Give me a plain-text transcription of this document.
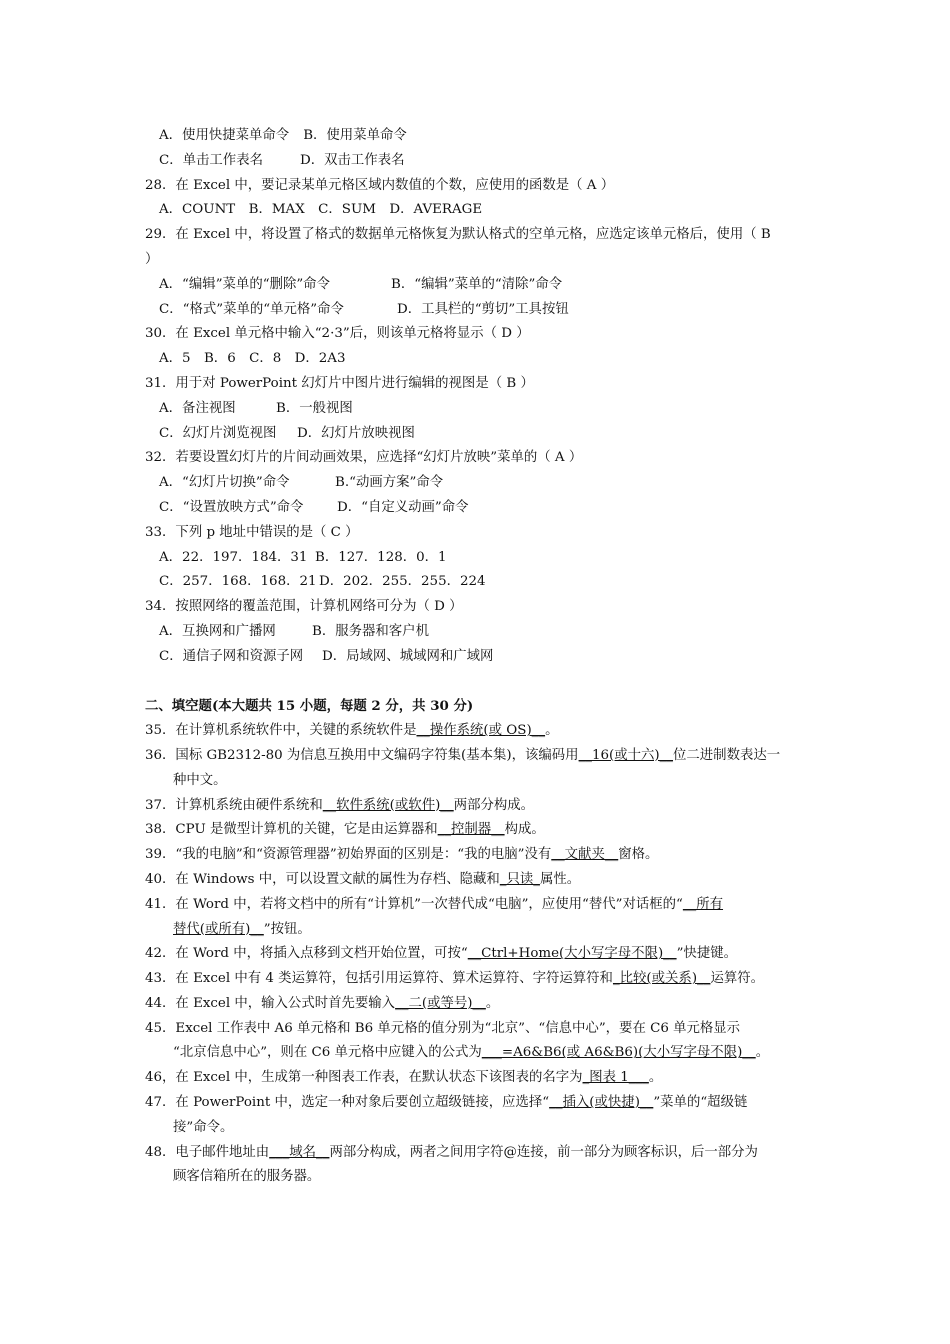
A．使用快捷菜单命令 B．使用菜单命令
C．单击工作表名	D．双击工作表名
28．在 Excel 中，要记录某单元格区域内数值的个数，应使用的函数是（ A ）
A．COUNT　B．MAX　C．SUM　D．AVERAGE
29．在 Excel 中，将设置了格式的数据单元格恢复为默认格式的空单元格，应选定该单元格后，使用（ B
）
A．“编辑”菜单的“删除”命令	B．“编辑”菜单的“清除”命令
C．“格式”菜单的“单元格”命令	D．工具栏的“剪切”工具按钮
30．在 Excel 单元格中输入“2·3”后，则该单元格将显示（ D ）
A．5　B．6　C．8　D．2A3
31．用于对 PowerPoint 幻灯片中图片进行编辑的视图是（ B ）
A．备注视图	B．一般视图
C．幻灯片浏览视图 D．幻灯片放映视图
32．若要设置幻灯片的片间动画效果，应选择“幻灯片放映”菜单的（ A ）
A．“幻灯片切换”命令	B.“动画方案”命令
C．“设置放映方式”命令	D．“自定义动画”命令
33．下列 p 地址中错误的是（ C ）
A．22．197．184．31 B．127．128．0．1
C．257．168．168．21 D．202．255．255．224
34．按照网络的覆盖范围，计算机网络可分为（ D ）
A．互换网和广播网	B．服务器和客户机
C．通信子网和资源子网 D．局域网、城域网和广域网
二、填空题(本大题共 15 小题，每题 2 分，共 30 分)
35．在计算机系统软件中，关键的系统软件是__操作系统(或 OS)__。
36．国标 GB2312-80 为信息互换用中文编码字符集(基本集)，该编码用__16(或十六)__位二进制数表达一
种中文。
37．计算机系统由硬件系统和__软件系统(或软件)__两部分构成。
38．CPU 是微型计算机的关键，它是由运算器和__控制器__构成。
39．“我的电脑”和“资源管理器”初始界面的区别是：“我的电脑”没有__文献夹__窗格。
40．在 Windows 中，可以设置文献的属性为存档、隐藏和_只读_属性。
41．在 Word 中，若将文档中的所有“计算机”一次替代成“电脑”，应使用“替代”对话框的“__所有
替代(或所有)__”按钮。
42．在 Word 中，将插入点移到文档开始位置，可按“__Ctrl+Home(大小写字母不限)__”快捷键。
43．在 Excel 中有 4 类运算符，包括引用运算符、算术运算符、字符运算符和_比较(或关系)__运算符。
44．在 Excel 中，输入公式时首先要输入__二(或等号)__。
45．Excel 工作表中 A6 单元格和 B6 单元格的值分别为“北京”、“信息中心”，要在 C6 单元格显示
“北京信息中心”，则在 C6 单元格中应键入的公式为___=A6&B6(或 A6&B6)(大小写字母不限)__。
46，在 Excel 中，生成第一种图表工作表，在默认状态下该图表的名字为_图表 1___。
47．在 PowerPoint 中，选定一种对象后要创立超级链接，应选择“__插入(或快捷)__”菜单的“超级链
接”命令。
48．电子邮件地址由___域名__两部分构成，两者之间用字符@连接，前一部分为顾客标识，后一部分为
顾客信箱所在的服务器。
